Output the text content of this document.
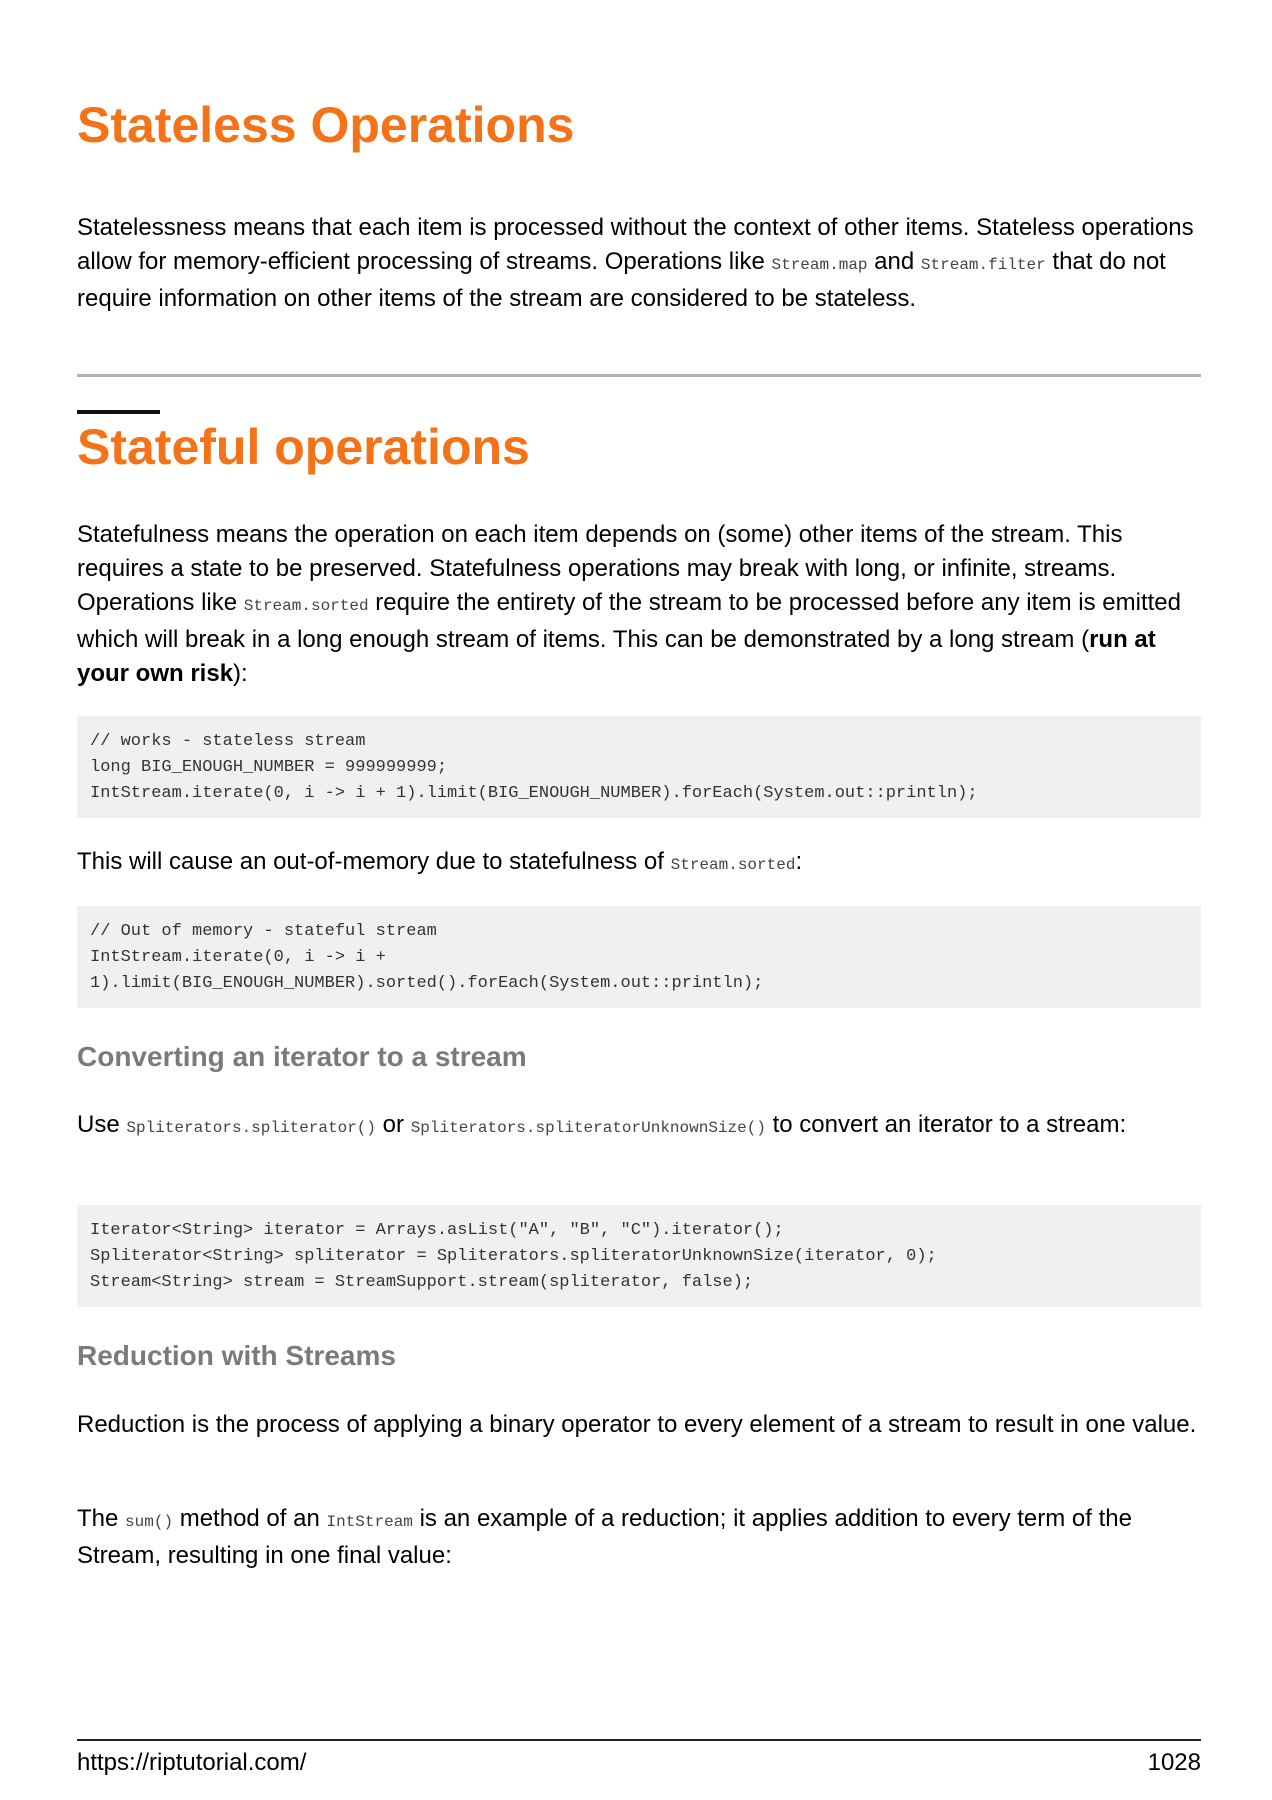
Stateless Operations

Statelessness means that each item is processed without the context of other items. Stateless operations allow for memory-efficient processing of streams. Operations like Stream.map and Stream.filter that do not require information on other items of the stream are considered to be stateless.

Stateful operations

Statefulness means the operation on each item depends on (some) other items of the stream. This requires a state to be preserved. Statefulness operations may break with long, or infinite, streams. Operations like Stream.sorted require the entirety of the stream to be processed before any item is emitted which will break in a long enough stream of items. This can be demonstrated by a long stream (run at your own risk):

// works - stateless stream
long BIG_ENOUGH_NUMBER = 999999999;
IntStream.iterate(0, i -> i + 1).limit(BIG_ENOUGH_NUMBER).forEach(System.out::println);

This will cause an out-of-memory due to statefulness of Stream.sorted:

// Out of memory - stateful stream
IntStream.iterate(0, i -> i +
1).limit(BIG_ENOUGH_NUMBER).sorted().forEach(System.out::println);
Converting an iterator to a stream

Use Spliterators.spliterator() or Spliterators.spliteratorUnknownSize() to convert an iterator to a stream:

Iterator<String> iterator = Arrays.asList("A", "B", "C").iterator();
Spliterator<String> spliterator = Spliterators.spliteratorUnknownSize(iterator, 0);
Stream<String> stream = StreamSupport.stream(spliterator, false);
Reduction with Streams

Reduction is the process of applying a binary operator to every element of a stream to result in one value.

The sum() method of an IntStream is an example of a reduction; it applies addition to every term of the Stream, resulting in one final value:

https://riptutorial.com/	1028
